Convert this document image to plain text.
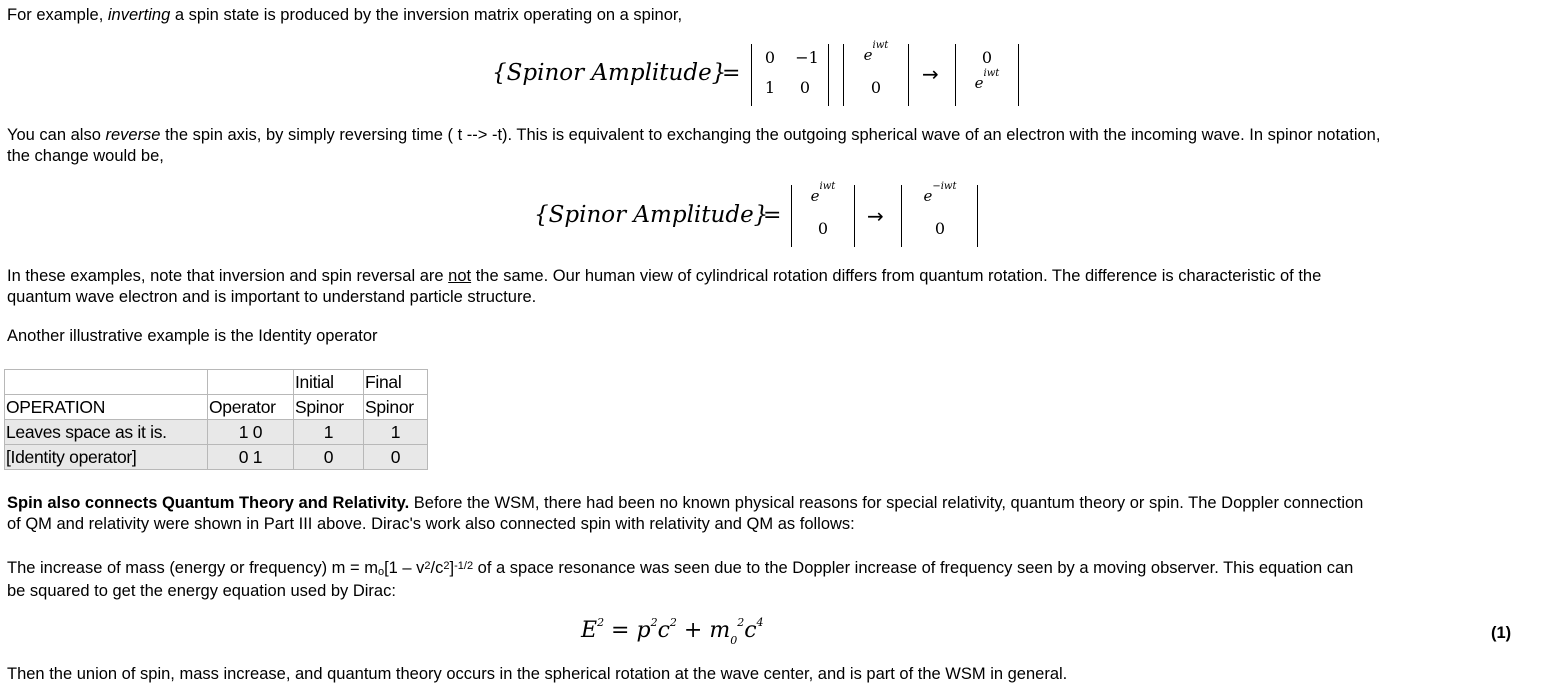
For example, inverting a spin state is produced by the inversion matrix operating on a spinor,

{Spinor Amplitude}
=
0	−1
1 0
$e^{iwt}$
0
→
0
$e^{iwt}$

You can also reverse the spin axis, by simply reversing time ( t --> -t). This is equivalent to exchanging the outgoing spherical wave of an electron with the incoming wave. In spinor notation,

the change would be,

{Spinor Amplitude}
=
$e^{iwt}$
0
→
$e^{-iwt}$
0

In these examples, note that inversion and spin reversal are not the same. Our human view of cylindrical rotation differs from quantum rotation. The difference is characteristic of the

quantum wave electron and is important to understand particle structure.

Another illustrative example is the Identity operator

		Initial	Final
OPERATION	Operator	Spinor	Spinor
Leaves space as it is.	1 0	1	1
[Identity operator]	0 1	0	0

Spin also connects Quantum Theory and Relativity. Before the WSM, there had been no known physical reasons for special relativity, quantum theory or spin. The Doppler connection

of QM and relativity were shown in Part III above. Dirac's work also connected spin with relativity and QM as follows:

The increase of mass (energy or frequency) $m = m_o[1 - v^2/c^2]^{-1/2}$ of a space resonance was seen due to the Doppler increase of frequency seen by a moving observer. This equation can

be squared to get the energy equation used by Dirac:

$E^2 = p^2c^2 + m0^2c^4$
(1)

Then the union of spin, mass increase, and quantum theory occurs in the spherical rotation at the wave center, and is part of the WSM in general.
